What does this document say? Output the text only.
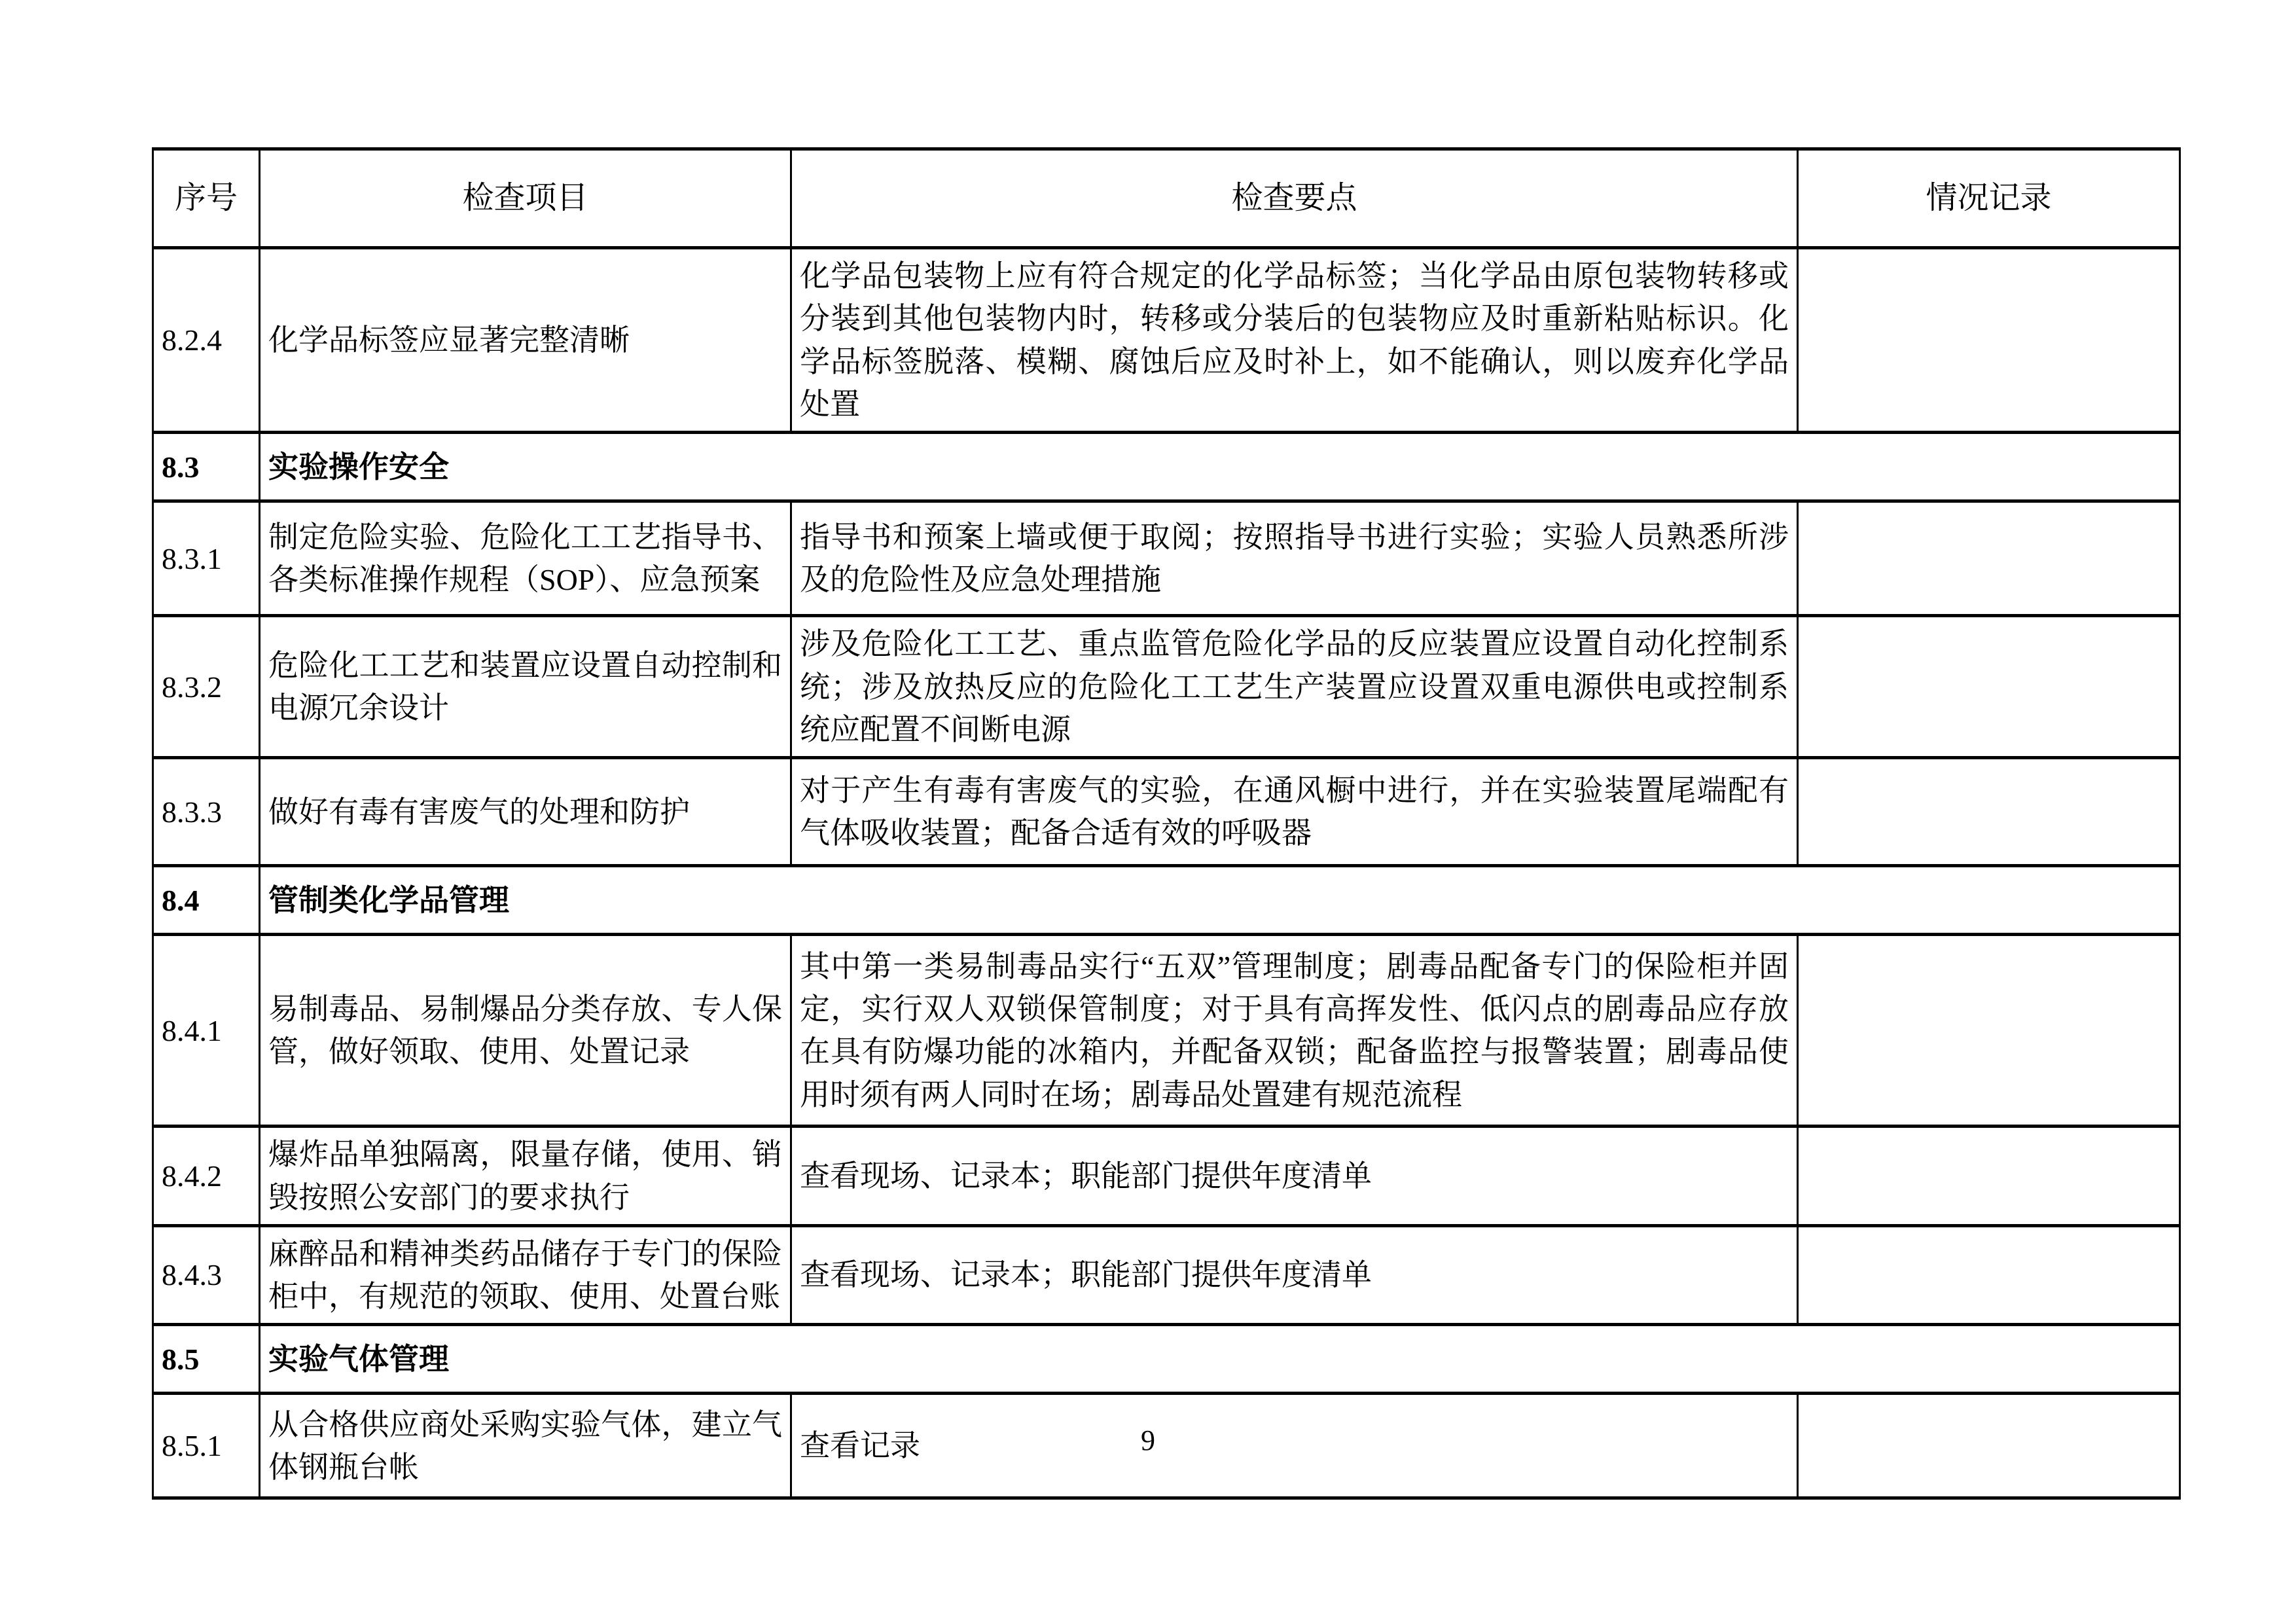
序号	检查项目	检查要点	情况记录
8.2.4	化学品标签应显著完整清晰	化学品包装物上应有符合规定的化学品标签；当化学品由原包装物转移或分装到其他包装物内时，转移或分装后的包装物应及时重新粘贴标识。化学品标签脱落、模糊、腐蚀后应及时补上，如不能确认，则以废弃化学品处置	
8.3	实验操作安全		
8.3.1	制定危险实验、危险化工工艺指导书、各类标准操作规程（SOP）、应急预案	指导书和预案上墙或便于取阅；按照指导书进行实验；实验人员熟悉所涉及的危险性及应急处理措施	
8.3.2	危险化工工艺和装置应设置自动控制和电源冗余设计	涉及危险化工工艺、重点监管危险化学品的反应装置应设置自动化控制系统；涉及放热反应的危险化工工艺生产装置应设置双重电源供电或控制系统应配置不间断电源	
8.3.3	做好有毒有害废气的处理和防护	对于产生有毒有害废气的实验，在通风橱中进行，并在实验装置尾端配有气体吸收装置；配备合适有效的呼吸器	
8.4	管制类化学品管理		
8.4.1	易制毒品、易制爆品分类存放、专人保管，做好领取、使用、处置记录	其中第一类易制毒品实行“五双”管理制度；剧毒品配备专门的保险柜并固定，实行双人双锁保管制度；对于具有高挥发性、低闪点的剧毒品应存放在具有防爆功能的冰箱内，并配备双锁；配备监控与报警装置；剧毒品使用时须有两人同时在场；剧毒品处置建有规范流程	
8.4.2	爆炸品单独隔离，限量存储，使用、销毁按照公安部门的要求执行	查看现场、记录本；职能部门提供年度清单	
8.4.3	麻醉品和精神类药品储存于专门的保险柜中，有规范的领取、使用、处置台账	查看现场、记录本；职能部门提供年度清单	
8.5	实验气体管理		
8.5.1	从合格供应商处采购实验气体，建立气体钢瓶台帐	查看记录		9
